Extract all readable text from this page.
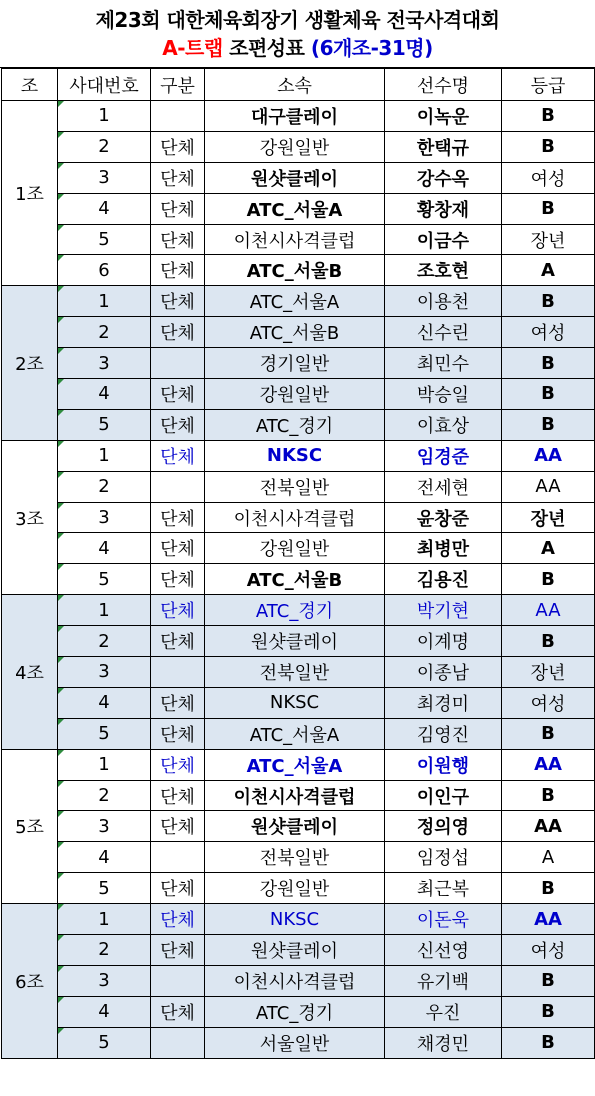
제23회 대한체육회장기 생활체육 전국사격대회
A-트랩 조편성표 (6개조-31명)
조	사대번호	구분	소속	선수명	등급
1조	1		대구클레이	이녹운	B
	2	단체	강원일반	한택규	B
	3	단체	원샷클레이	강수옥	여성
	4	단체	ATC_서울A	황창재	B
	5	단체	이천시사격클럽	이금수	장년
	6	단체	ATC_서울B	조호현	A
2조	1	단체	ATC_서울A	이용천	B
	2	단체	ATC_서울B	신수린	여성
	3		경기일반	최민수	B
	4	단체	강원일반	박승일	B
	5	단체	ATC_경기	이효상	B
3조	1	단체	NKSC	임경준	AA
	2		전북일반	전세현	AA
	3	단체	이천시사격클럽	윤창준	장년
	4	단체	강원일반	최병만	A
	5	단체	ATC_서울B	김용진	B
4조	1	단체	ATC_경기	박기현	AA
	2	단체	원샷클레이	이계명	B
	3		전북일반	이종남	장년
	4	단체	NKSC	최경미	여성
	5	단체	ATC_서울A	김영진	B
5조	1	단체	ATC_서울A	이원행	AA
	2	단체	이천시사격클럽	이인구	B
	3	단체	원샷클레이	정의영	AA
	4		전북일반	임정섭	A
	5	단체	강원일반	최근복	B
6조	1	단체	NKSC	이돈욱	AA
	2	단체	원샷클레이	신선영	여성
	3		이천시사격클럽	유기백	B
	4	단체	ATC_경기	우진	B
	5		서울일반	채경민	B
